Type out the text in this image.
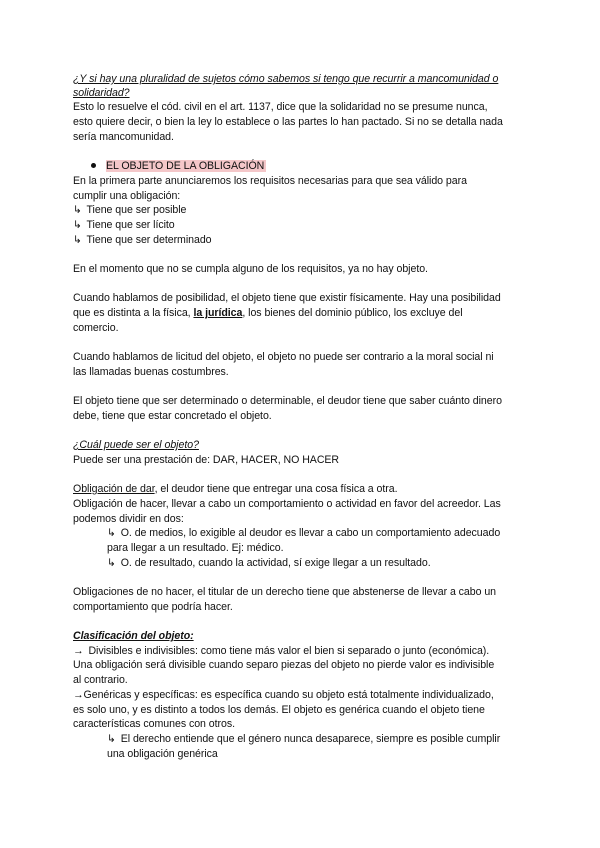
¿Y si hay una pluralidad de sujetos cómo sabemos si tengo que recurrir a mancomunidad o

solidaridad?

Esto lo resuelve el cód. civil en el art. 1137, dice que la solidaridad no se presume nunca,

esto quiere decir, o bien la ley lo establece o las partes lo han pactado. Si no se detalla nada

sería mancomunidad.

EL OBJETO DE LA OBLIGACIÓN

En la primera parte anunciaremos los requisitos necesarias para que sea válido para

cumplir una obligación:

↳ Tiene que ser posible

↳ Tiene que ser lícito

↳ Tiene que ser determinado

En el momento que no se cumpla alguno de los requisitos, ya no hay objeto.

Cuando hablamos de posibilidad, el objeto tiene que existir físicamente. Hay una posibilidad

que es distinta a la física, la jurídica, los bienes del dominio público, los excluye del

comercio.

Cuando hablamos de licitud del objeto, el objeto no puede ser contrario a la moral social ni

las llamadas buenas costumbres.

El objeto tiene que ser determinado o determinable, el deudor tiene que saber cuánto dinero

debe, tiene que estar concretado el objeto.

¿Cuál puede ser el objeto?

Puede ser una prestación de: DAR, HACER, NO HACER

Obligación de dar, el deudor tiene que entregar una cosa física a otra.

Obligación de hacer, llevar a cabo un comportamiento o actividad en favor del acreedor. Las

podemos dividir en dos:

↳ O. de medios, lo exigible al deudor es llevar a cabo un comportamiento adecuado

para llegar a un resultado. Ej: médico.

↳ O. de resultado, cuando la actividad, sí exige llegar a un resultado.

Obligaciones de no hacer, el titular de un derecho tiene que abstenerse de llevar a cabo un

comportamiento que podría hacer.

Clasificación del objeto:

→ Divisibles e indivisibles: como tiene más valor el bien si separado o junto (económica).

Una obligación será divisible cuando separo piezas del objeto no pierde valor es indivisible

al contrario.

→Genéricas y específicas: es específica cuando su objeto está totalmente individualizado,

es solo uno, y es distinto a todos los demás. El objeto es genérica cuando el objeto tiene

características comunes con otros.

↳ El derecho entiende que el género nunca desaparece, siempre es posible cumplir

una obligación genérica
